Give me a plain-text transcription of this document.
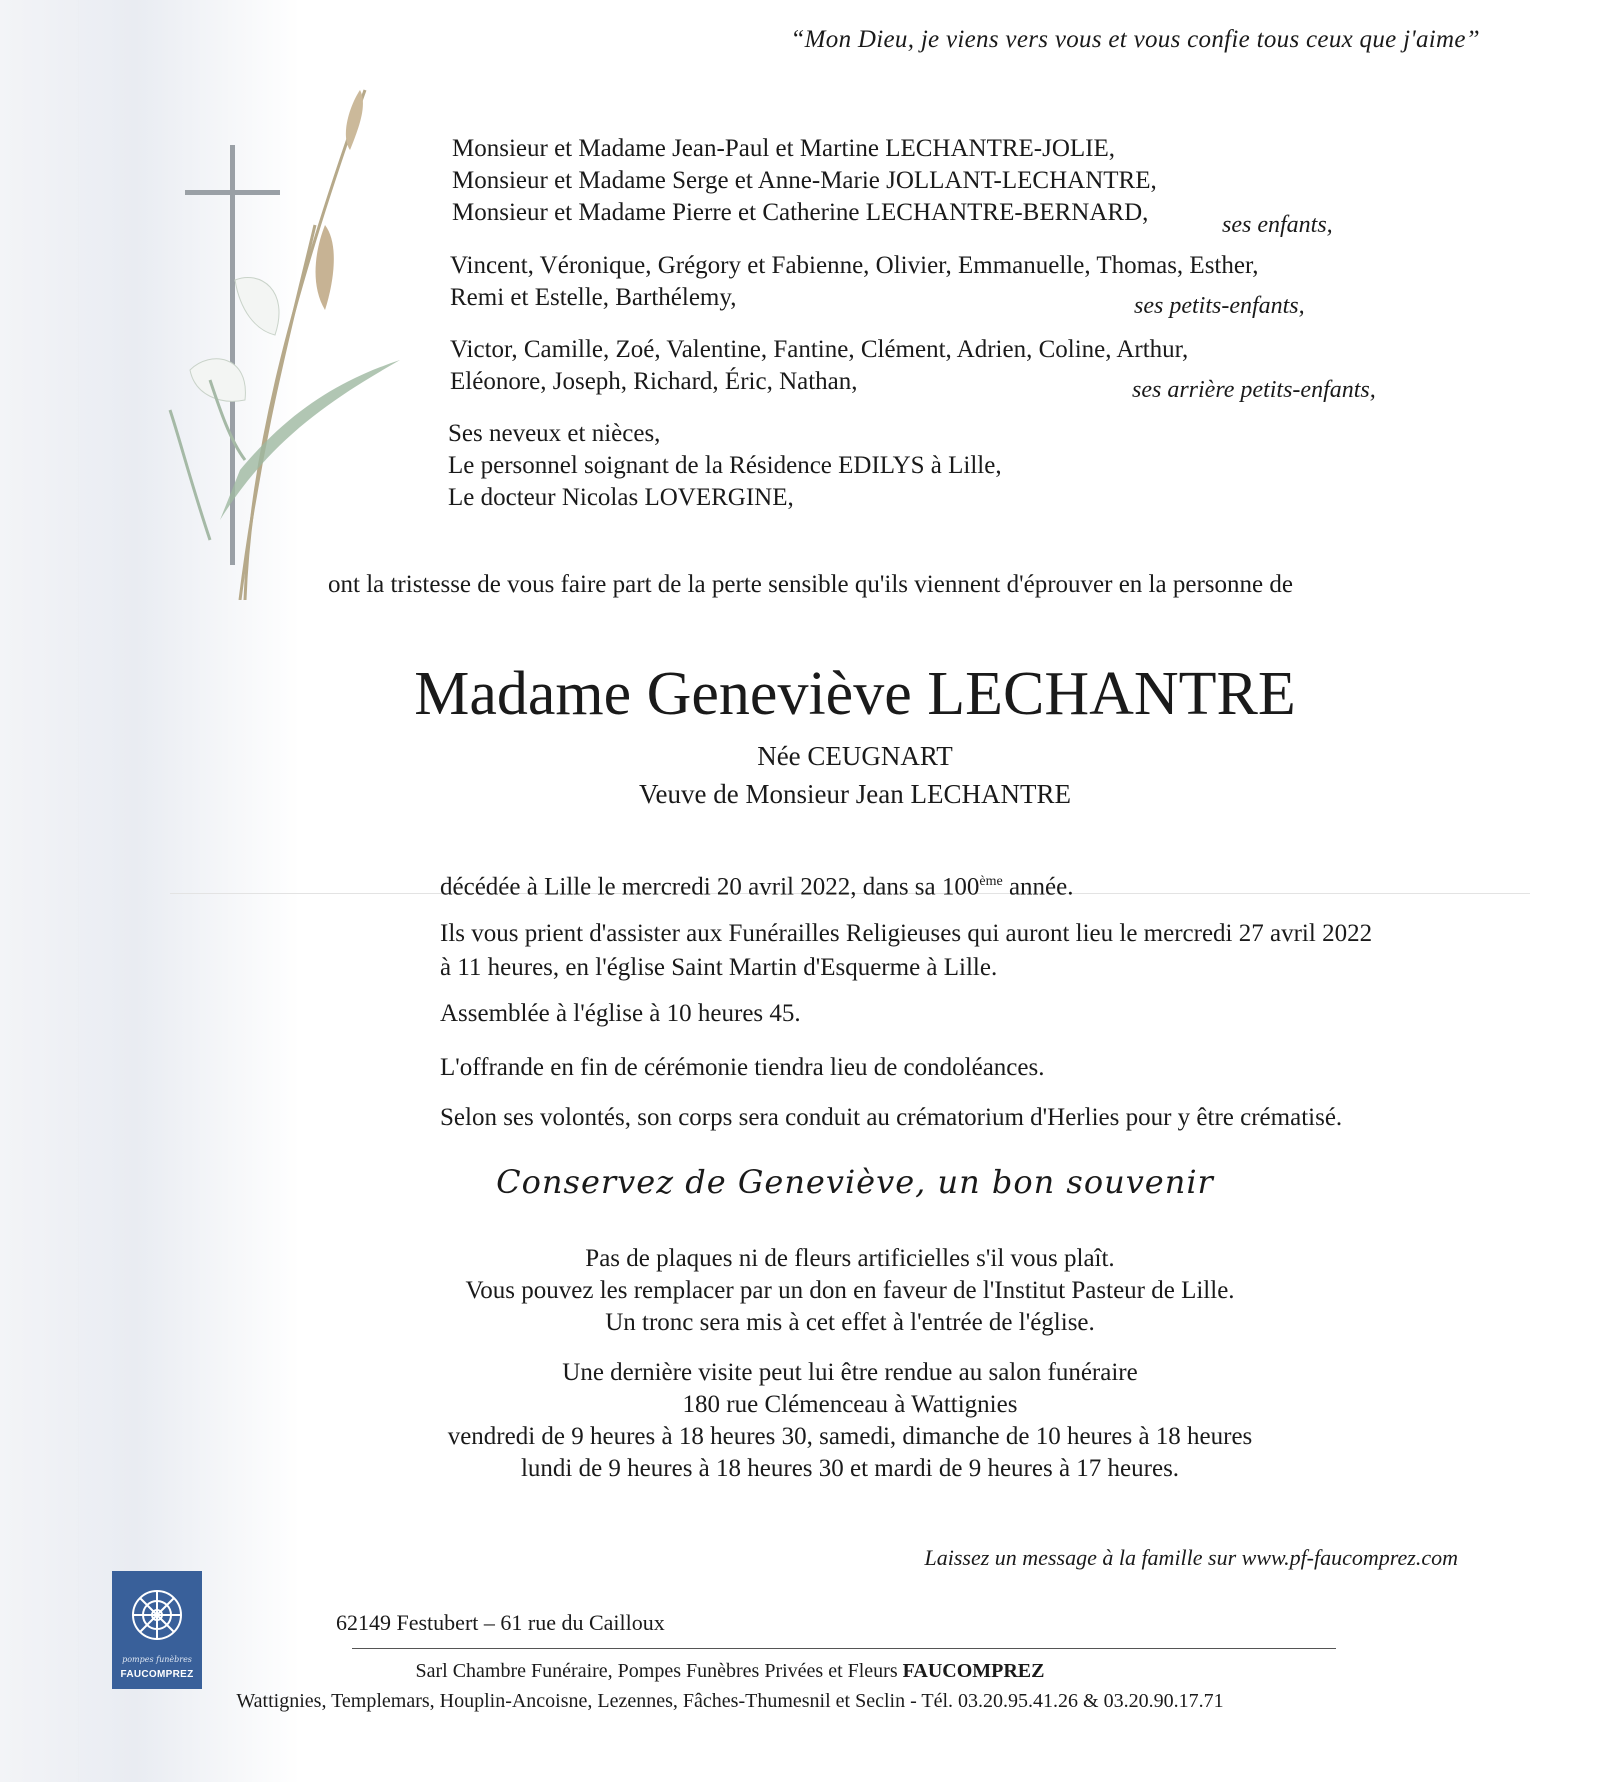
“Mon Dieu, je viens vers vous et vous confie tous ceux que j'aime”
Monsieur et Madame Jean-Paul et Martine LECHANTRE-JOLIE,
Monsieur et Madame Serge et Anne-Marie JOLLANT-LECHANTRE,
Monsieur et Madame Pierre et Catherine LECHANTRE-BERNARD,	ses enfants,
Vincent, Véronique, Grégory et Fabienne, Olivier, Emmanuelle, Thomas, Esther,
Remi et Estelle, Barthélemy,	ses petits-enfants,
Victor, Camille, Zoé, Valentine, Fantine, Clément, Adrien, Coline, Arthur,
Eléonore, Joseph, Richard, Éric, Nathan,	ses arrière petits-enfants,
Ses neveux et nièces,
Le personnel soignant de la Résidence EDILYS à Lille,
Le docteur Nicolas LOVERGINE,
ont la tristesse de vous faire part de la perte sensible qu'ils viennent d'éprouver en la personne de
Madame Geneviève LECHANTRE
Née CEUGNART
Veuve de Monsieur Jean LECHANTRE
décédée à Lille le mercredi 20 avril 2022, dans sa 100ème année.
Ils vous prient d'assister aux Funérailles Religieuses qui auront lieu le mercredi 27 avril 2022
à 11 heures, en l'église Saint Martin d'Esquerme à Lille.
Assemblée à l'église à 10 heures 45.
L'offrande en fin de cérémonie tiendra lieu de condoléances.
Selon ses volontés, son corps sera conduit au crématorium d'Herlies pour y être crématisé.
Conservez de Geneviève, un bon souvenir
Pas de plaques ni de fleurs artificielles s'il vous plaît.
Vous pouvez les remplacer par un don en faveur de l'Institut Pasteur de Lille.
Un tronc sera mis à cet effet à l'entrée de l'église.
Une dernière visite peut lui être rendue au salon funéraire
180 rue Clémenceau à Wattignies
vendredi de 9 heures à 18 heures 30, samedi, dimanche de 10 heures à 18 heures
lundi de 9 heures à 18 heures 30 et mardi de 9 heures à 17 heures.
Laissez un message à la famille sur www.pf-faucomprez.com
pompes funèbres
FAUCOMPREZ
62149 Festubert – 61 rue du Cailloux
Sarl Chambre Funéraire, Pompes Funèbres Privées et Fleurs FAUCOMPREZ
Wattignies, Templemars, Houplin-Ancoisne, Lezennes, Fâches-Thumesnil et Seclin - Tél. 03.20.95.41.26 & 03.20.90.17.71
